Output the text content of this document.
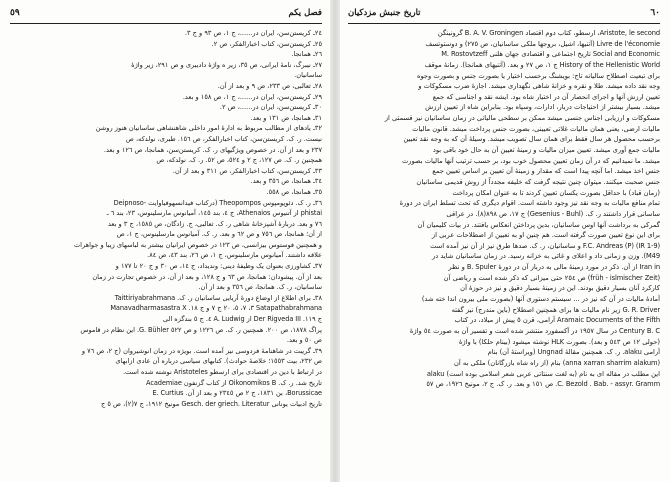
فصل یکم
٥٩
٢٤ـ کریستن‌سن، ایران در......، ج ١، ص ٩٣ و ج ٣.
٢٥ـ کریستن‌سن، کتاب اخبارالفکر، ص ٢.
٢٦ـ همانجا.
٢٧ـ نیبرگ، نامهٔ ایرانی، ص ٣٥، زیر ه واژهٔ دادیبری و ص ٢٩١، زیر واژهٔ
ساسانیان.
٢٨ـ ثعالبی، ص ٢٣٣، ص ٩ و بعد از آن.
٢٩ـ کریستن‌سن، ایران در......، ج ١، ص ١٥٨ و بعد.
٣٠ـ کریستن‌سن، ایران در......، ص ٢.
٣١ـ همانجا، ص ١٣١ و بعد.
٣٢ـ یادهای از مطالب مربوط به ادارهٔ امور داخلی شاهنشاهی ساسانیان هنوز روشن
نیست. ر. ک. کریستن‌سن، کتاب اخبارالفکر، ص ١٥٦. طبری، نولدکه، ص
٢٣٧ و بعد از آن. در خصوص ویژگیهای ر. ک. کریستن‌سن، همانجا، ص ١٢٦ و بعد.
همچنین ر. ک. ص ١٢٧، ج ٢ و ٥٢٤، ص ٥٢. ر. ک. نولدکه، ص
٣٣ـ کریستن‌سن، کتاب اخبارالفکر، ص ٣١١ و بعد از آن.
٣٤ـ همانجا، ص ٣٥٦ و بعد.
٣٥ـ همانجا، ص ٥٥٨.
٣٦ـ ر. ک. دئوپومپوس Theopompos (درکتاب فیدانسهوفیاوایت -Deipnoso
phistai از آتنیوس Athenaios، ج ٤، بند ١٤٥، آمیانوس مارسلینوس، ٢٣، بند ٦ ـ
٧٦ و بعد. دربارهٔ آشپزخانهٔ شاهی ر. ک. ثعالبی، ج. زادگان، ص ١٥٨٥، ج ٣ و بعد
از آن؛ همانجا، ص ٧٥٦ و ص ٦٢ و بعد. ر. ک. آمیانوس مارسلینوس، ج ١، ص
و همچنین فوستوس بیزانسی، ص ١٢٣ در خصوص ایرانیان بیشتر به لباسهای زیبا و جواهرات
علاقه داشتند. آمیانوس مارسلینوس، ج ١، ص ٢٦، بند ٤٣، ص ٨٤.
٣٧ـ کشاورزی بعنوان یک وظیفهٔ دینی: وندیداد، ج ١٤، ص ٣٠ و ج ٢٠ تا ١٧٧ و
بعد از آن. پیشودان: همانجا، ص ٦٣ و ج ١٢٨، و بعد از آن. در خصوص تجارت در زمان
ساسانیان، ر. ک. همانجا، ص ٣٥٦ و بعد از آن.
٣٨ـ برای اطلاع از اوضاع دورهٔ آریایی ساسانیان ر. ک. Taittiriyabrahmana
Satapathabrahmana ٣، ٧، ٥، ٢٠ ج ٧ و ج ١٨. Manavadharmasastra X
ج ١١٩. Der Rigveda III از A. Ludwig ٤. ج ٥ بندگزه الی
پراگ ١٨٧٨، ص ٢٠٠. همچنین ر. ک. ص ١٢٢٦ و ص ٥٢٢ G. Bühler. این نظام در قاموس
ص ٥٠ و بعد.
٣٩ـ گریبت در شاهنامهٔ فردوسی نیز آمده است. بویژه در زمان انوشیروان (ج ٢، ص ٧٦ و
ص ٢٣٢، بیت ١٥٥٣؛ خلاصهٔ حوادث). کتابهای سیاسی درباره آن عادی ازابهای
در ارتباط با دین در اقتصادی برای ارسطو Aristoteles نوشته شده است.
تاریخ شد. ر. ک. Oikonomikos B از کتاب گزنفون Academiae
Borussicae، بن ١٨٣١، ج ٢ ص ٢٣٤٥ و بعد از آن. E. Curtius
تاریخ ادبیات یونانی Gesch. der griech. Literatur مونیخ ١٩١٢، ج ٧(٢)، ص ٥ ج
٦٠
تاریخ جنبش مزدکیان
Aristote, le second، ارسطو، کتاب دوم اقتصاد B. A. V. Groningen گرونینگن
Livre de l'économie (آتنیها، اشیل، بروجها ملکی ساسانیان، ص ٢٧٥) و دوستوتسف
Social and Economic تاریخ اجتماعی و اقتصادی جهان هلنی M. Rostovtzeff
History of the Hellenistic World ج ١، ص ٢٧ و بعد. (آتنیهای همانجا). زمانهٔ موقف
برای تبعیت اصطلاح سالیانه تاج: بویشنگ برحسب اختیار یا بصورت جنس و بصورت وجوه
وجه نقد داده میشد. طلا و نقره و خزانهٔ شاهی نگهداری میشد. اجازهٔ ضرب مسکوکات و
تعیین ارزش آنها و اجرای انحصار آن در اختیار شاه بود. ایشه نقد و اجناسی که جمع
میشد. بسیار بیشتر از احتیاجات دربار، ادارات، وسپاه بود. بنابراین شاه از تعیین ارزش
مسکوکات و ارزیابی اجناس جنسی میشد ممکن بر سطحی مالیاتی در زمان ساسانیان نیز قسمتی از
مالیات ارضی، یعنی همان مالیات غلاتی تعیینی، بصورت جنس پرداخت میشد. قانون مالیات
برحسب محصول هر سال فقط برای همان سال تصویب میشد. وسیلهٔ آن که به وجه نقد تعیین
مالیات جمع آوری میشد. تعیین میزان مالیات و زمینهٔ تعیین آن به حال خود باقی بود
میشد. ما نمیدانیم که در آن زمان تعیین محصول خوب بود، بر حسب ترتیب آنها مالیات بصورت
جنس اخذ میشد. اما آنچه پیدا است که مقدار و زمینهٔ آن تعیین بر اساس تعیین جمع
جنس صحبت میکنند. میتوان چنین نتیجه گرفت که خلیفه مجدداً از روش قدیمی ساسانیان
(زمان قباد) با حداقل بصورت یکسان تعیین کردند تا به عنوان امکان پرداخت
تمام منافع مالیات به وجه نقد نیز وجود داشته است. اقوام دیگری که تحت تسلط ایران در دورهٔ
ساسانی قرار داشتند ر. ک. (Gesenius - Buhl) ج ١٧، ص ٨٩٨(٨). در عراقی
گمرکی به برداشت آنها اوس ساسانیان، بدین پرداختن انعکاس یافتند. در بیات کلیمیان آن
برای این نوع تعیین صورت گرفته است. هم چنین او به تعیین از اصطلاحات عربی از
(IR 1-9) F.C. Andreas (P) و ساسانیان، ر. ک. صدها طرق نیز از آن نیز آمده است
M49). وزن و زمانی داد و اعلای و غاثی به خزانه رسید. در زمان ساسانیان شاید در
Iran in از آن. ذکر در مورد زمینهٔ مالی به دربار آن در دورهٔ B. Spuler و نظر
(früh - islmischer Zeit) ص ٢٥٤ حتی میزانی که ذکر شده است و ریاضی آن
کارکرد آنان بسیار دقیق بودند. این در زمینهٔ بسیار دقیق و نیز در حوزهٔ آن
آمادهٔ مالیات در آن که نیز در ... سیستم دستوری آنها (بصورت ملی بیرون اندا خته شد)
G. R. Driver زیر نام مالیات ها برای همچنین اصطلاح (باین مندرج) نیز گفته
Aramaic Documents of the Fifth آرامی، قرن ٥ پیش از میلاد، در کتاب
Century B. C در سال ١٩٥٧ در آکسفورد منتشر شده است و تفسیر آن به صورت ٥٤ واژهٔ
(حولی ١٢ ص ٥٤٣ و بعد). بصورت HLK نوشته میشود (بینام حلکا) با واژهٔ
آرامی alaku. ر. ک. همچنین مقالهٔ Ungnad (ویراستهٔ آن) بنام
(anna xarran sharrim alakum) بنام (از راه شاه بازرگانان) ملکی به آن
این مطلب در مقاله ای به نام (به لغت سنتاتی عربی شعر اسلامی بوده است) alaku
C. Bezold . Bab. - assyr. Gramm. ص ١٥١ و بعد. ر. ک. ج ٢، مونیخ ١٩٢٦، ص ٥٧
